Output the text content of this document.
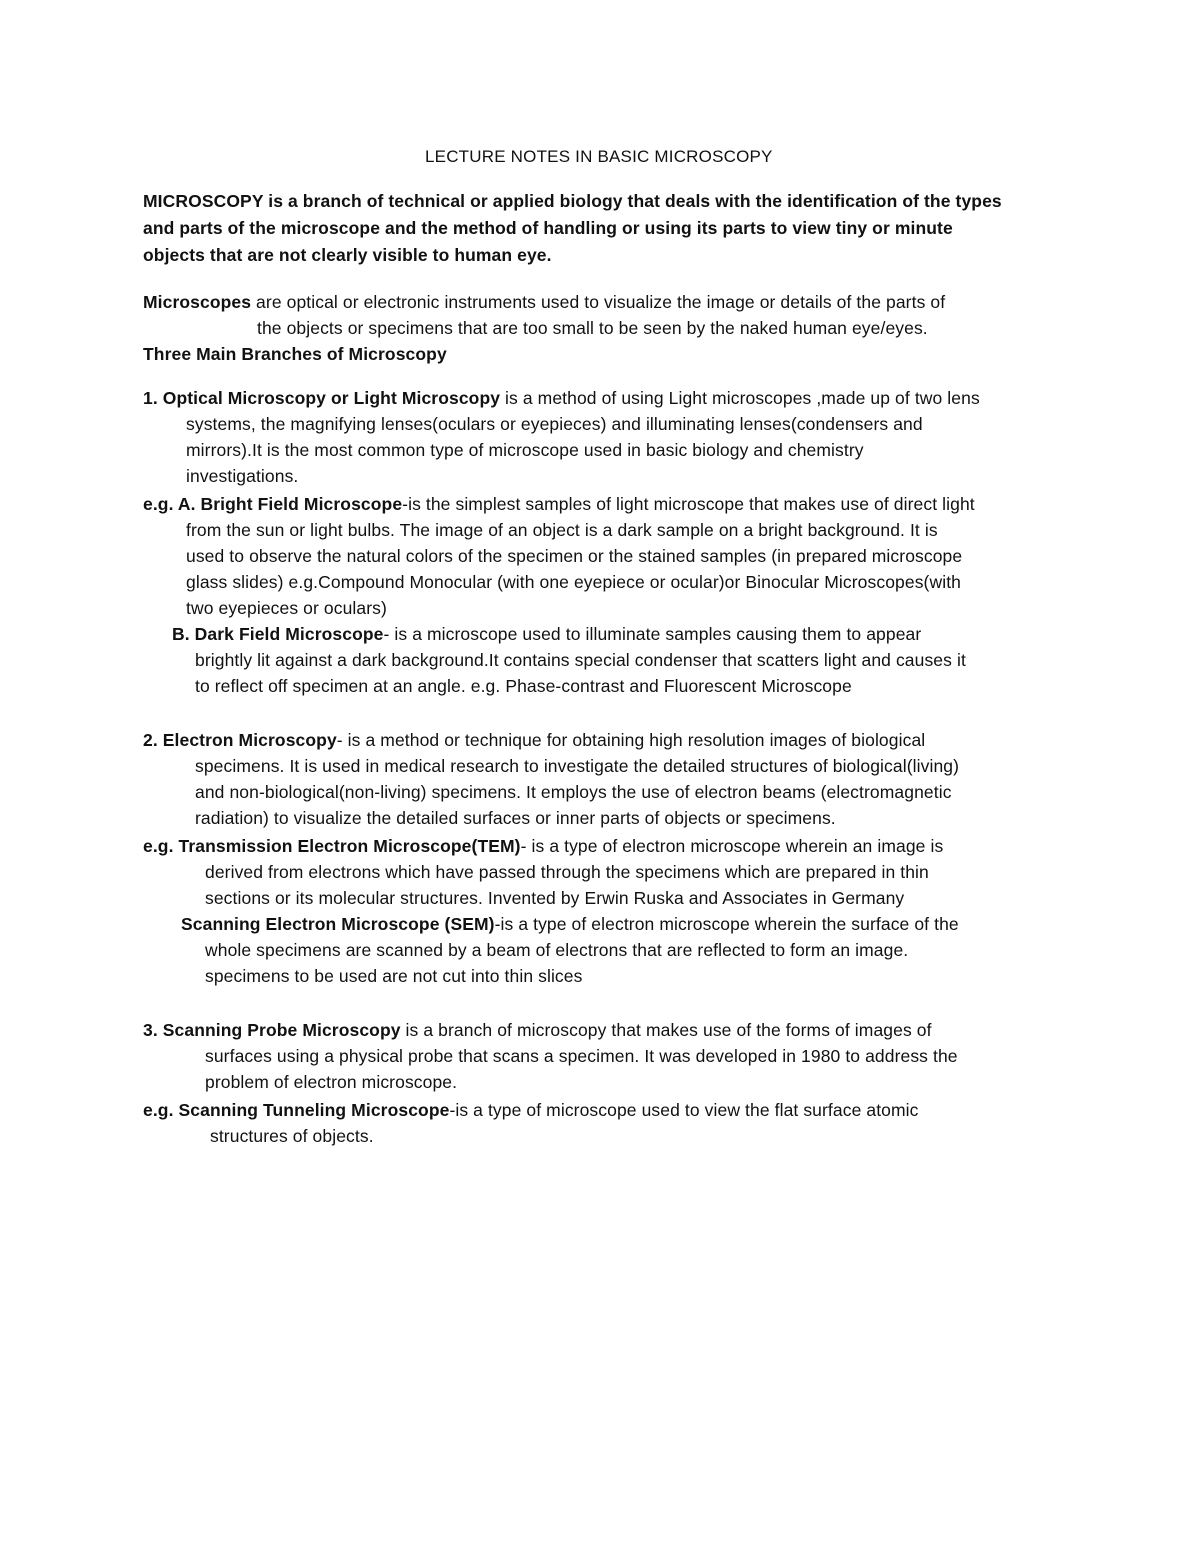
LECTURE NOTES IN BASIC MICROSCOPY
MICROSCOPY is a branch of technical or applied biology that deals with the identification of the types
and parts of the microscope and the method of handling or using its parts to view tiny or minute
objects that are not clearly visible to human eye.
Microscopes are optical or electronic instruments used to visualize the image or details of the parts of
the objects or specimens that are too small to be seen by the naked human eye/eyes.
Three Main Branches of Microscopy
1. Optical Microscopy or Light Microscopy is a method of using Light microscopes ,made up of two lens
systems, the magnifying lenses(oculars or eyepieces) and illuminating lenses(condensers and
mirrors).It is the most common type of microscope used in basic biology and chemistry
investigations.
e.g. A. Bright Field Microscope-is the simplest samples of light microscope that makes use of direct light
from the sun or light bulbs. The image of an object is a dark sample on a bright background. It is
used to observe the natural colors of the specimen or the stained samples (in prepared microscope
glass slides) e.g.Compound Monocular (with one eyepiece or ocular)or Binocular Microscopes(with
two eyepieces or oculars)
B. Dark Field Microscope- is a microscope used to illuminate samples causing them to appear
brightly lit against a dark background.It contains special condenser that scatters light and causes it
to reflect off specimen at an angle. e.g. Phase-contrast and Fluorescent Microscope
2. Electron Microscopy- is a method or technique for obtaining high resolution images of biological
specimens. It is used in medical research to investigate the detailed structures of biological(living)
and non-biological(non-living) specimens. It employs the use of electron beams (electromagnetic
radiation) to visualize the detailed surfaces or inner parts of objects or specimens.
e.g. Transmission Electron Microscope(TEM)- is a type of electron microscope wherein an image is
derived from electrons which have passed through the specimens which are prepared in thin
sections or its molecular structures. Invented by Erwin Ruska and Associates in Germany
Scanning Electron Microscope (SEM)-is a type of electron microscope wherein the surface of the
whole specimens are scanned by a beam of electrons that are reflected to form an image.
specimens to be used are not cut into thin slices
3. Scanning Probe Microscopy is a branch of microscopy that makes use of the forms of images of
surfaces using a physical probe that scans a specimen. It was developed in 1980 to address the
problem of electron microscope.
e.g. Scanning Tunneling Microscope-is a type of microscope used to view the flat surface atomic
structures of objects.
